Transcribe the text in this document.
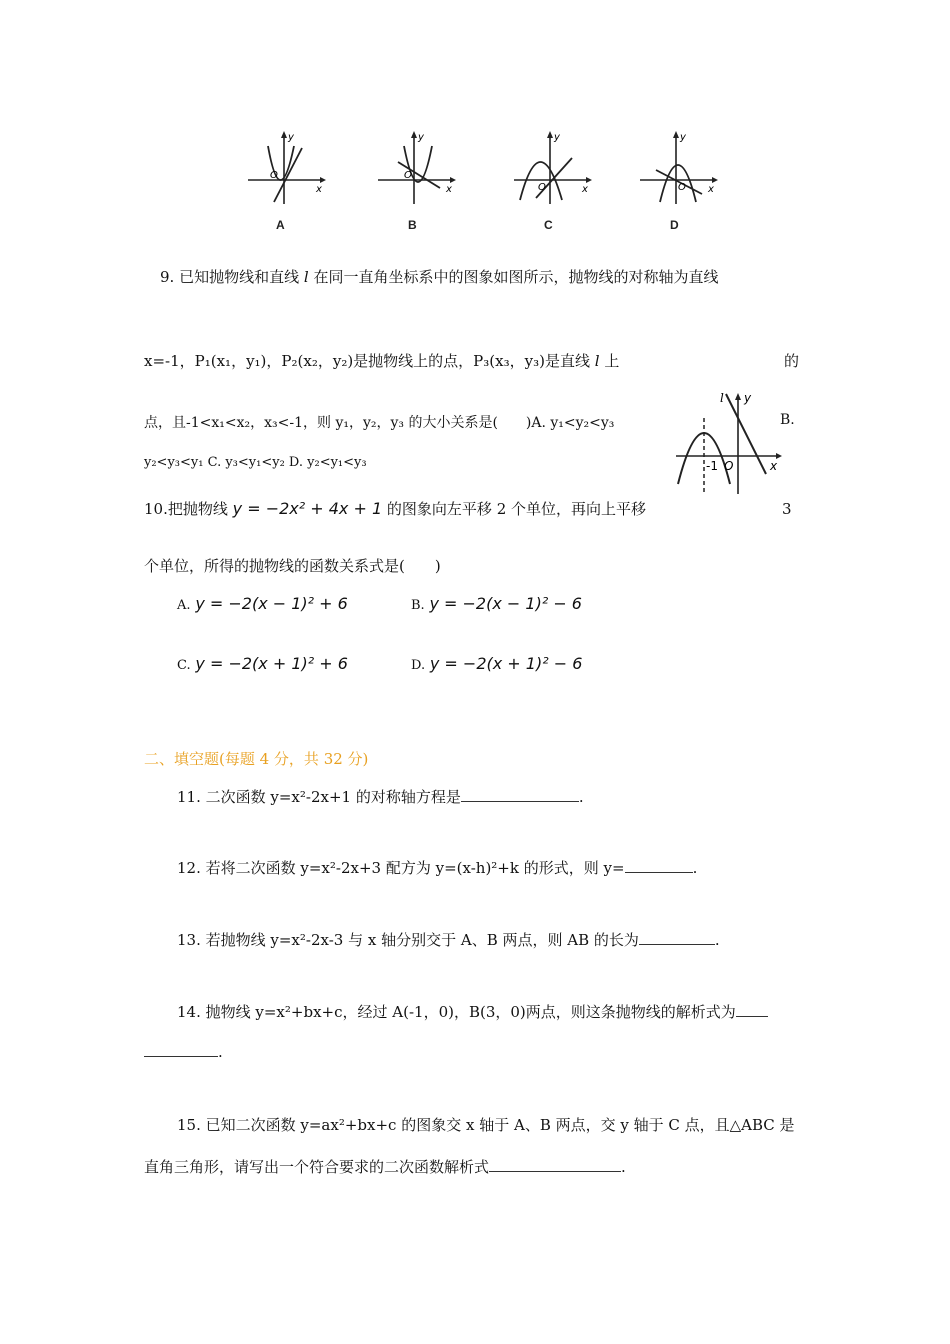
y
x
O
y
x
O
y
x
O
y
x
O
A	B	C	D
9. 已知抛物线和直线 l 在同一直角坐标系中的图象如图所示，抛物线的对称轴为直线
x=-1，P₁(x₁，y₁)，P₂(x₂，y₂)是抛物线上的点，P₃(x₃，y₃)是直线 l 上	的
点，且-1<x₁<x₂，x₃<-1，则 y₁，y₂，y₃ 的大小关系是(　　)A. y₁<y₂<y₃	B.
y₂<y₃<y₁ C. y₃<y₁<y₂ D. y₂<y₁<y₃
l y
x
-1 O
10.把抛物线 y = −2x² + 4x + 1 的图象向左平移 2 个单位，再向上平移	3
个单位，所得的抛物线的函数关系式是(　　)
A. y = −2(x − 1)² + 6	B. y = −2(x − 1)² − 6
C. y = −2(x + 1)² + 6	D. y = −2(x + 1)² − 6
二、填空题(每题 4 分，共 32 分)
11. 二次函数 y=x²-2x+1 的对称轴方程是	.
12. 若将二次函数 y=x²-2x+3 配方为 y=(x-h)²+k 的形式，则 y=	.
13. 若抛物线 y=x²-2x-3 与 x 轴分别交于 A、B 两点，则 AB 的长为	.
14. 抛物线 y=x²+bx+c，经过 A(-1，0)，B(3，0)两点，则这条抛物线的解析式为
.
15. 已知二次函数 y=ax²+bx+c 的图象交 x 轴于 A、B 两点，交 y 轴于 C 点，且△ABC 是
直角三角形，请写出一个符合要求的二次函数解析式	.
